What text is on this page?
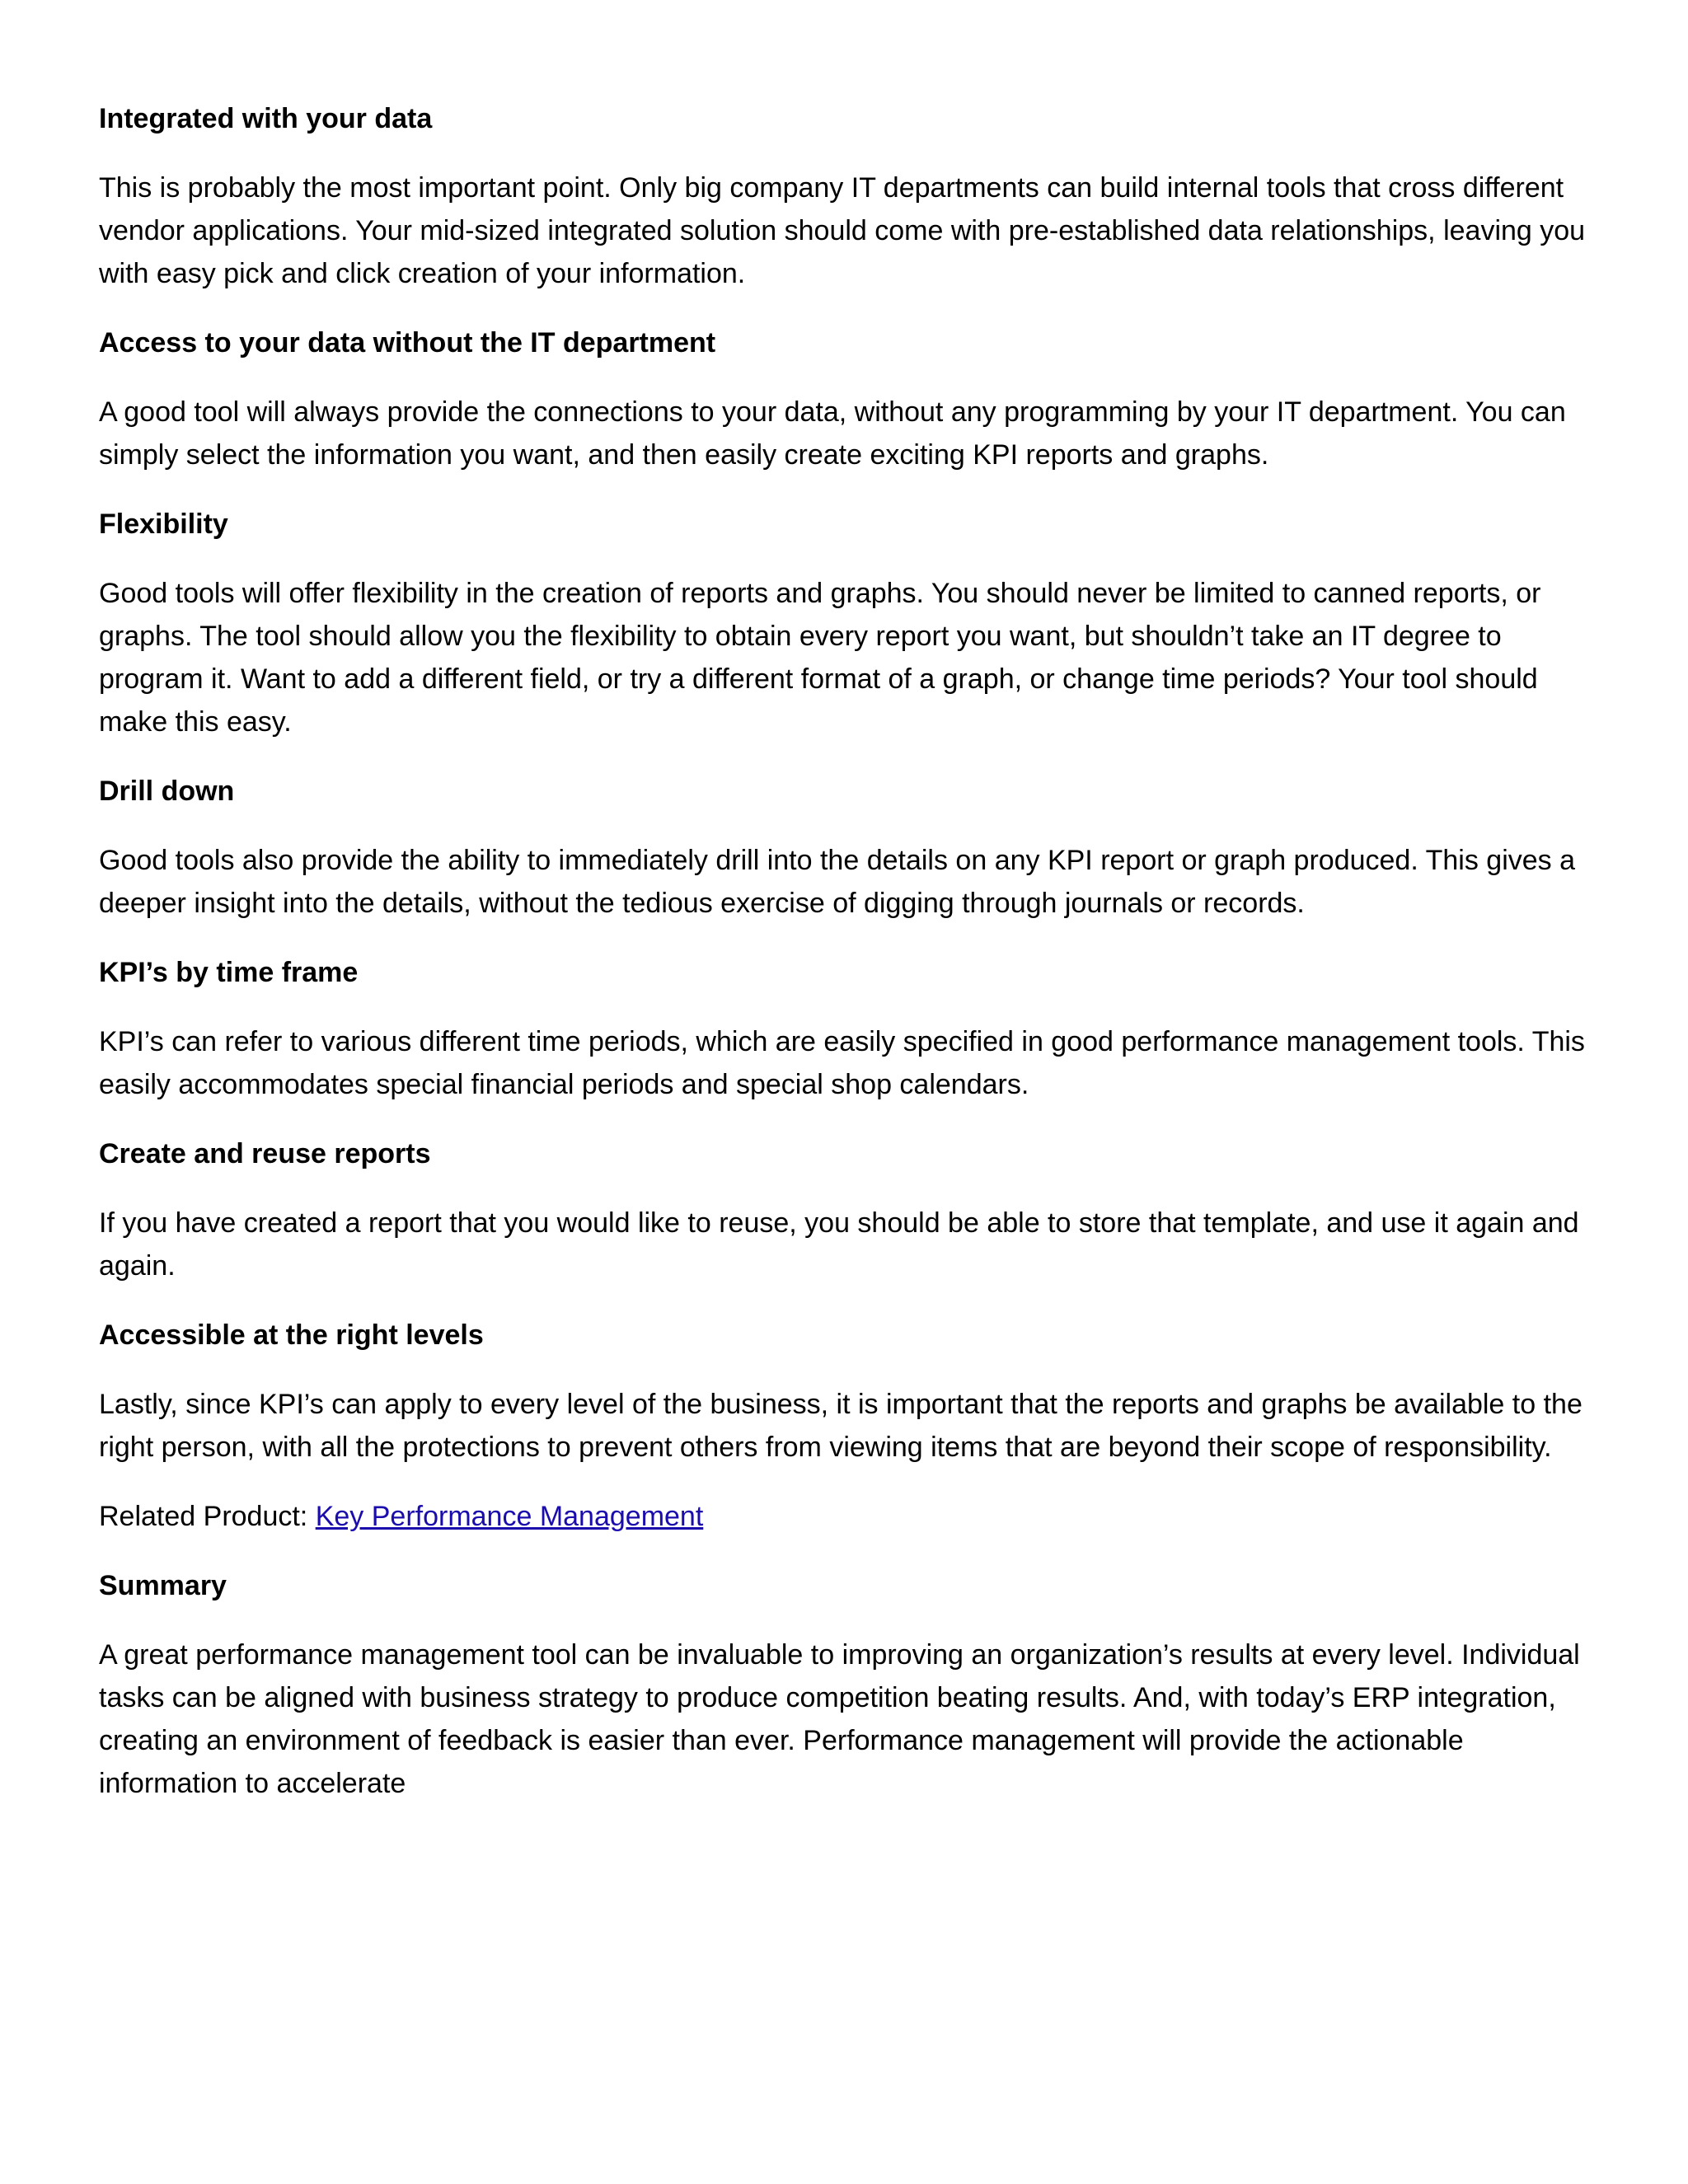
Integrated with your data
This is probably the most important point. Only big company IT departments can build internal tools that cross different vendor applications. Your mid-sized integrated solution should come with pre-established data relationships, leaving you with easy pick and click creation of your information.
Access to your data without the IT department
A good tool will always provide the connections to your data, without any programming by your IT department. You can simply select the information you want, and then easily create exciting KPI reports and graphs.
Flexibility
Good tools will offer flexibility in the creation of reports and graphs. You should never be limited to canned reports, or graphs. The tool should allow you the flexibility to obtain every report you want, but shouldn’t take an IT degree to program it. Want to add a different field, or try a different format of a graph, or change time periods? Your tool should make this easy.
Drill down
Good tools also provide the ability to immediately drill into the details on any KPI report or graph produced. This gives a deeper insight into the details, without the tedious exercise of digging through journals or records.
KPI’s by time frame
KPI’s can refer to various different time periods, which are easily specified in good performance management tools. This easily accommodates special financial periods and special shop calendars.
Create and reuse reports
If you have created a report that you would like to reuse, you should be able to store that template, and use it again and again.
Accessible at the right levels
Lastly, since KPI’s can apply to every level of the business, it is important that the reports and graphs be available to the right person, with all the protections to prevent others from viewing items that are beyond their scope of responsibility.
Related Product: Key Performance Management
Summary
A great performance management tool can be invaluable to improving an organization’s results at every level. Individual tasks can be aligned with business strategy to produce competition beating results. And, with today’s ERP integration, creating an environment of feedback is easier than ever. Performance management will provide the actionable information to accelerate
